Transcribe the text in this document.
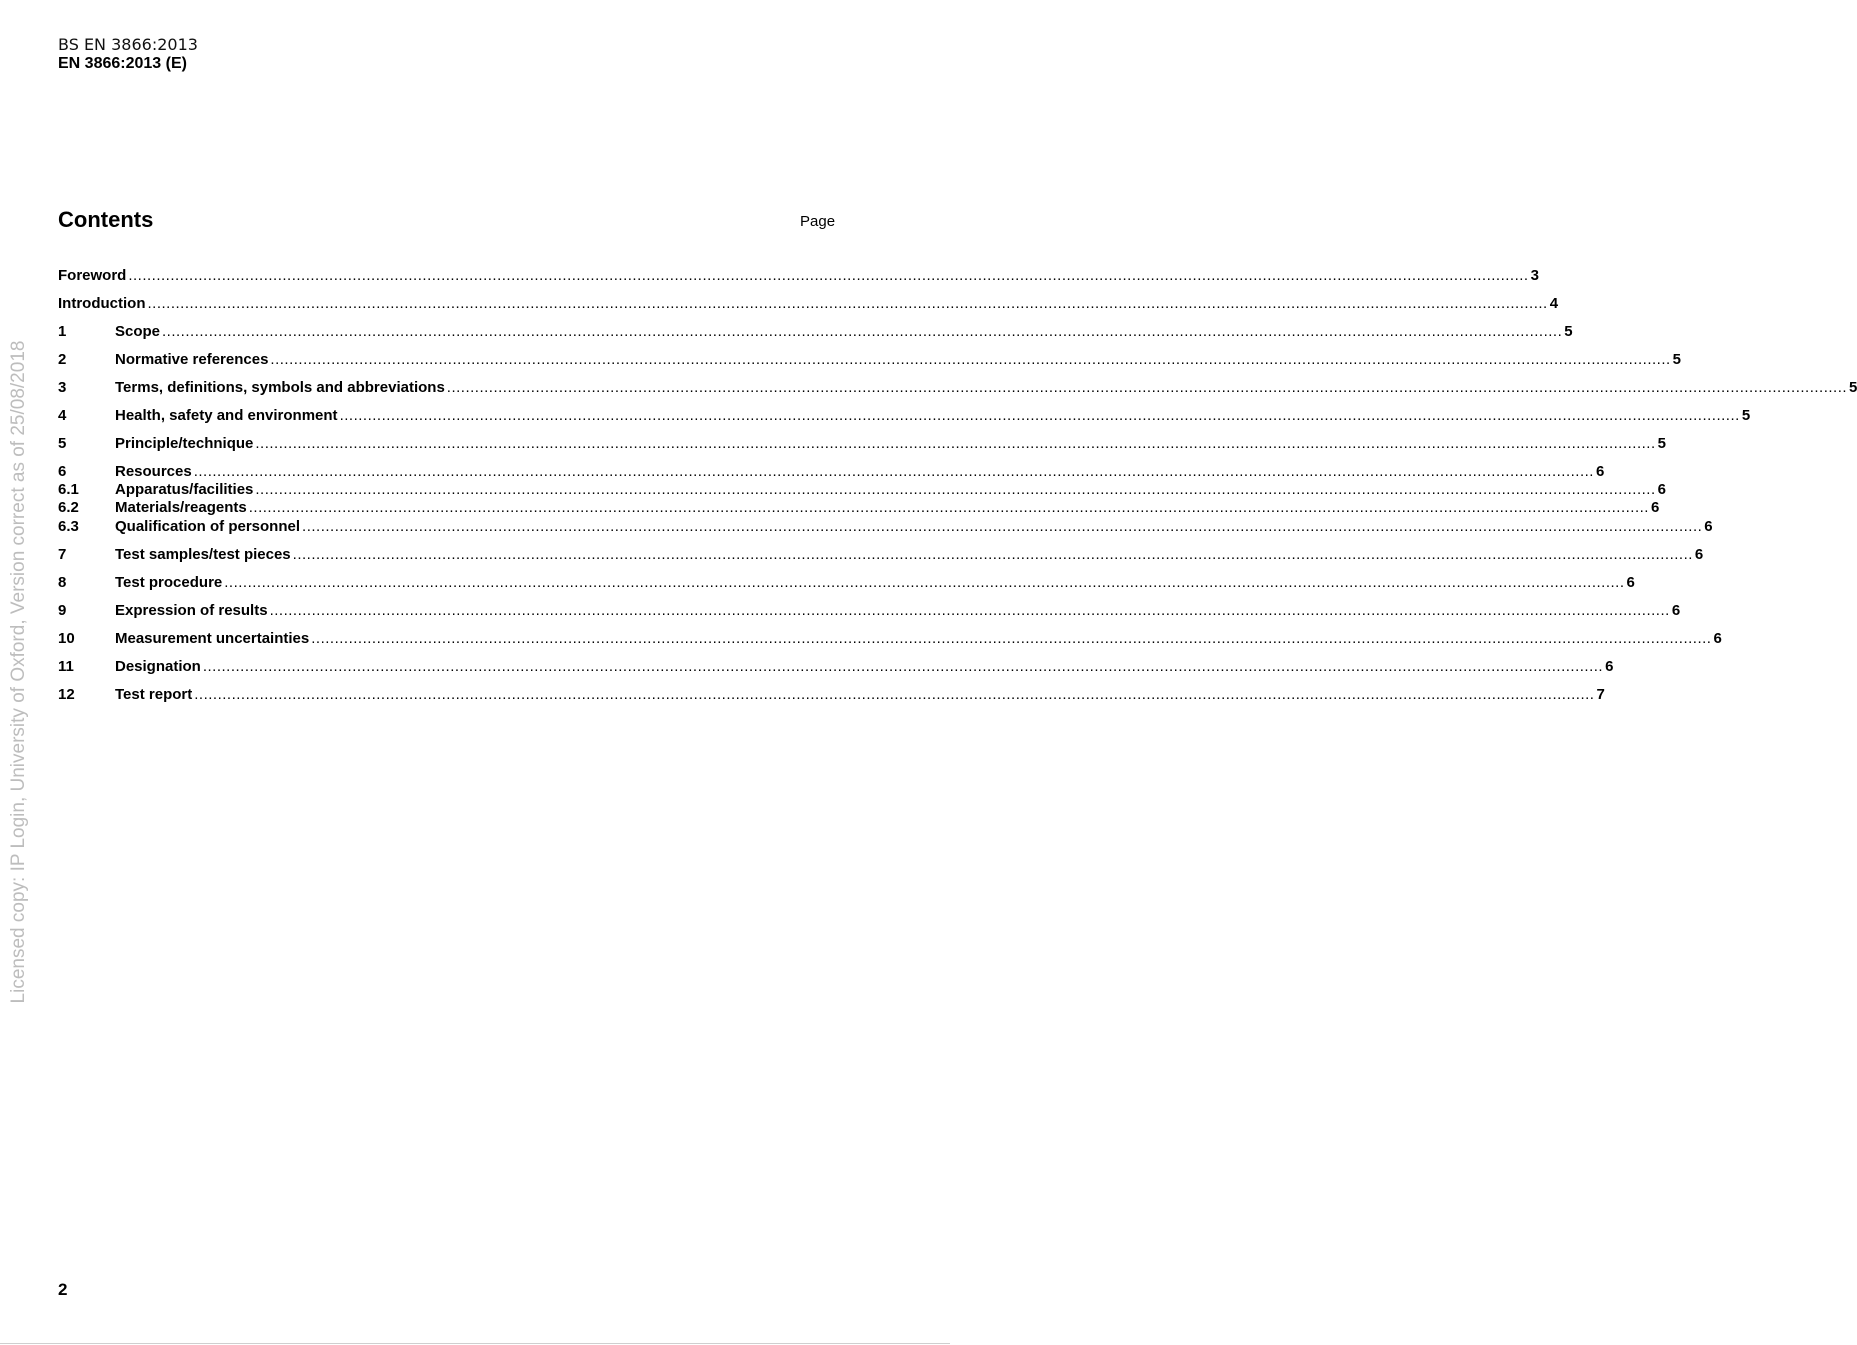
BS EN 3866:2013
EN 3866:2013 (E)
Contents	Page
Foreword ............................................................................................................................................................................................................................................................................................................ 3
Introduction ............................................................................................................................................................................................................................................................................................................ 4
1	Scope ............................................................................................................................................................................................................................................................................................................ 5
2	Normative references ............................................................................................................................................................................................................................................................................................................ 5
3	Terms, definitions, symbols and abbreviations ............................................................................................................................................................................................................................................................................................................ 5
4	Health, safety and environment ............................................................................................................................................................................................................................................................................................................ 5
5	Principle/technique ............................................................................................................................................................................................................................................................................................................ 5
6	Resources ............................................................................................................................................................................................................................................................................................................ 6
6.1	Apparatus/facilities ............................................................................................................................................................................................................................................................................................................ 6
6.2	Materials/reagents ............................................................................................................................................................................................................................................................................................................ 6
6.3	Qualification of personnel ............................................................................................................................................................................................................................................................................................................ 6
7	Test samples/test pieces ............................................................................................................................................................................................................................................................................................................ 6
8	Test procedure ............................................................................................................................................................................................................................................................................................................ 6
9	Expression of results ............................................................................................................................................................................................................................................................................................................ 6
10	Measurement uncertainties ............................................................................................................................................................................................................................................................................................................ 6
11	Designation ............................................................................................................................................................................................................................................................................................................ 6
12	Test report ............................................................................................................................................................................................................................................................................................................ 7
Licensed copy: IP Login, University of Oxford, Version correct as of 25/08/2018
2
